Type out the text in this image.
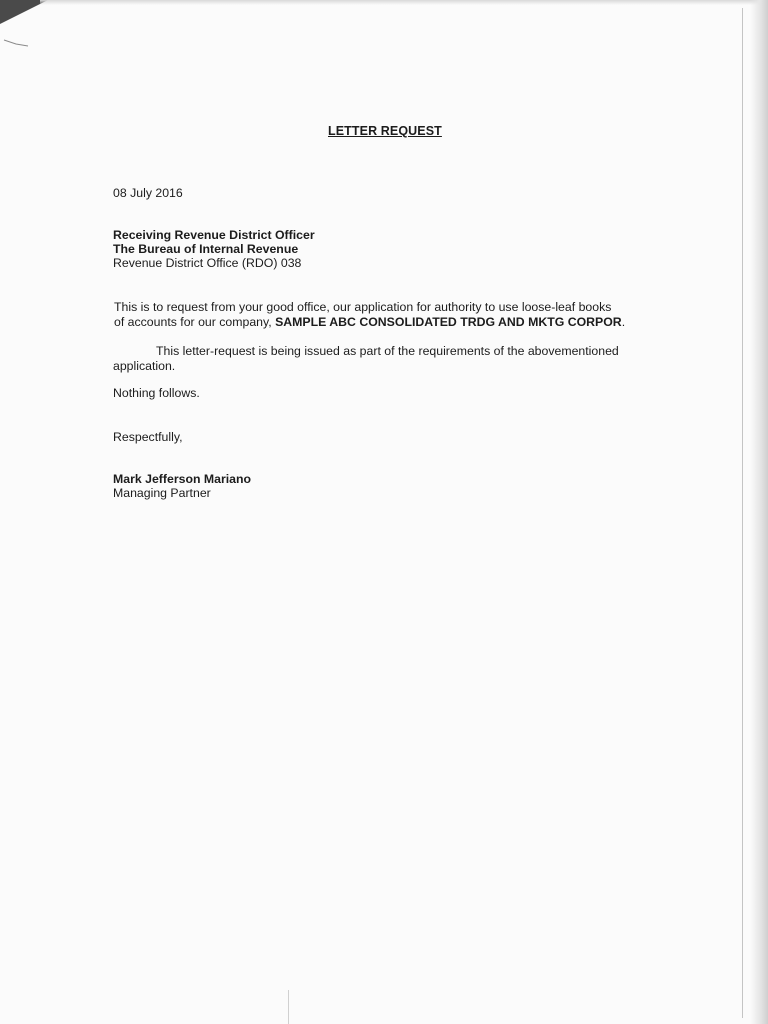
LETTER REQUEST
08 July 2016
Receiving Revenue District Officer
The Bureau of Internal Revenue
Revenue District Office (RDO) 038
This is to request from your good office, our application for authority to use loose-leaf books
of accounts for our company, SAMPLE ABC CONSOLIDATED TRDG AND MKTG CORPOR.
This letter-request is being issued as part of the requirements of the abovementioned
application.
Nothing follows.
Respectfully,
Mark Jefferson Mariano
Managing Partner
